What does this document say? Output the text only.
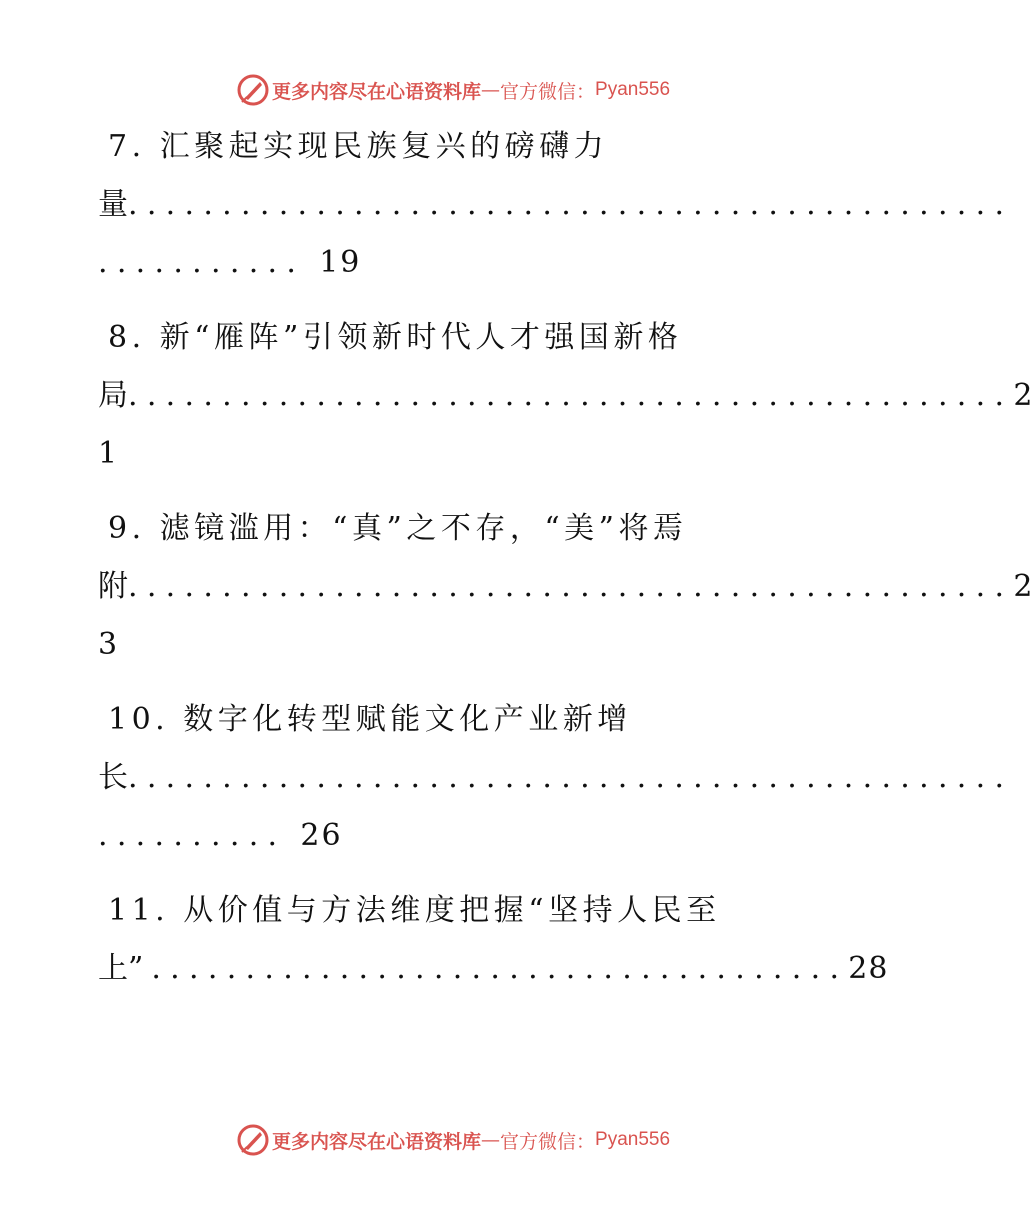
更多内容尽在心语资料库 — 官方微信： Pyan556
7. 汇聚起实现民族复兴的磅礴力
量...............................................
........... 19
8. 新“雁阵”引领新时代人才强国新格
局...............................................2
1
9. 滤镜滥用：“真”之不存，“美”将焉
附...............................................2
3
10. 数字化转型赋能文化产业新增
长...............................................
.......... 26
11. 从价值与方法维度把握“坚持人民至
上” .....................................28
更多内容尽在心语资料库 — 官方微信： Pyan556
